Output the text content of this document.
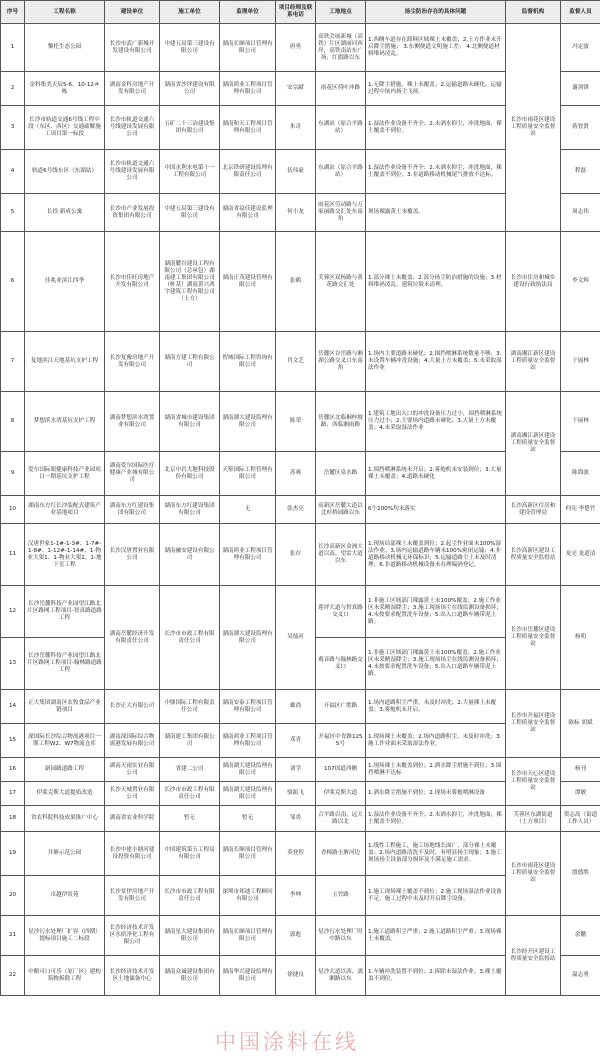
序号	工程名称	建设单位	施工单位	监理单位	项目经理及联系电话	工地地点	扬尘防治存在的具体问题	监督机构	监督人员
1	黎托生态公园	长沙市武广新城开发建设有限公司	中建五局第三建设有限公司	湖南长顺项目管理有限公司	唐勇	高铁会展新城（高铁）片区湖丽河西岸，高铁南站东广场，红旗路以东	1.西侧车道存在卸料区域裸土未覆盖；2.土方作业未开启降尘措施； 3.东侧便道文明施工差； 4.北侧便道材料堆码凌乱。	长沙市雨花区建设工程质量安全监督站	冯定波
2	金科集美天辰5-6、10-12＃栋	湖南金科房地产开发有限公司	湖南省沙坪建设有限公司	湖南鸿业工程项目管理有限公司	安宗献	雨花区荷叶冲路	1.无降尘措施，裸土未覆盖；2.运输道路未硬化，运输过程中场内扬尘飞扬。		谢剑锋
3	长沙市轨道交通6号线工程中段（东区、西区）交通疏解施工项目第一标段	长沙市轨道交通六号线建设发展有限公司	五矿二十三冶建设集团有限公司	湖南和天工程项目管理有限公司	朱奇	东湖站（原合平路站）	1.湿法作业设备不齐全；2.未洒水抑尘，冲洗地面，裸土覆盖不到位。		蒋智贤
4	轨道6号线东区（东湖站）	长沙市轨道交通六号线建设发展有限公司	中国水利水电第十一工程有限公司	北京铁研建设监理有限责任公司	伍伟豪	东湖站（原合平路站）	1.湿法作业设备不齐全；2.未洒水抑尘，冲洗地面，裸土覆盖不到位；3.非道路移动机械尾气排放不达标。		程磊
5	长投·新成公寓	长沙市产业发展投资集团有限公司	中建五局第三建设有限公司	湖南省益佳建设监理有限公司	何小龙	雨花区劳动路与万家丽路交汇处东南角	现场裸露黄土未覆盖。		周志伟
6	佳兆业滨江四季	长沙市佳旺房地产开发有限公司	湖南麓谷建设工程有限公司（总承包）湖南建工集团有限公司（桩基）湖南黄兴鸿宇建筑工程有限公司（土方）	湖南正茂建设管理有限公司	张鹤	芙蓉区双杨路与黄花路交汇处	1.部分裸土未覆盖；2.部分扬尘防治措施的设施；3.材料堆码凌乱、建筑垃圾未清理。	长沙市住房和城乡建设行政执法局	李文辉
7	复地滨江天地基坑支护工程	长沙复豫房地产开发有限公司	湖南方建工程有限公司	智城国际工程咨询有限公司	肖文艺	岳麓区谷岳路与湘湖公路交叉口东南角	1.场内主要道路未硬化；2.围挡喷淋系统数量不够；3.未设置车辆冲洗设施；4.大量土方未覆盖；5.未采取湿法作业	湖南湘江新区建设工程质量安全监督站	于展林
8	梦想滨水湾基坑支护工程	湖南梦想滨水湾置业有限公司	湖南省城市建设集团有限公司	湖南湖大建设监理有限公司	陈荣	岳麓区北临桐梓坡路，西临湘雨路	1.建筑工地出入口的冲洗设备压力过小，围挡喷淋系统压力过小；2.主要场内道路未硬化；3.大量土方未覆盖；4.未采取湿法作业	湖南湘江新区建设工程质量安全监督站	于展林
9	爱尔国际眼健康科技产业园项目一期基坑支护工程	湖南爱尔国际医疗健康产业城有限公司	北京中岩大地科技股份有限公司	天鉴国际工程管理有限公司	苏赛	岳麓区泉水路	1.围挡喷淋系统未开启；2.雾炮机未安装到位；3.大量裸土未覆盖；4.道路未硬化		陈海波
10	湖南东方红长沙装配式建筑产业基地项目	湖南东方红建设集团有限公司	湖南东方红建设集团有限公司	无	张杰亮	高新区岳麓大道以北杉桥园路以东	6个100%均未落实	长沙高新区住房和建设管理局	何宪 李楚竹
11	汉唐世家1-1#-1-3#、1-7#-1-8#、1-12#-1-14#、1-物业大架1、1-物业大架2、1-地下室工程	长沙汉唐置业有限公司	湖南融安建设有限公司	湖南鸿业工程项目管理有限公司	张存	长沙高新区金洲大道以南、望雷大道以东	1.现场局部裸土未覆盖到位；2.起尘作业面未100%湿法作业；3.场内运输道路车辆未100%密闭运输；4.非道路移动机械无环保标识；5.运输道路尘土未及时清理；6.非道路移动机械设备未办理编码登记。	长沙高新区建设工程质量安全监督站	龙亮 龙道清
12	长沙岳麓科技产业园望江路北片区路网工程项目-智真路道路工程	湖南岳麓经济开发有限责任公司	长沙市市政工程有限责任公司	湖南湖大建设监理有限公司	吴灿河	莲坪大道与智真路交叉口	1.非施工区域部门裸露黄土未100%覆盖；2.施工作业区未采精湿降尘；3.施工现场场尘在线监测设备损坏；4.未按要求配置洗车设备；5.出入口道路车辆带泥上路。	长沙市岳麓区建设工程质量安全监督站	杨明
13	长沙岳麓科技产业园望江路北片区路网工程项目-翰林路道路工程					观音路与翰林路交叉口	1.非施工区域部门裸露黄土未100%覆盖；2.施工作业区未采精湿降尘；3.施工现场场尘在线监测设备损坏；4.未按要求配置洗车设备；5.出入口道路车辆带泥上路。		
14	正大集团湖南区农牧食品产业链项目	长沙正大有限公司	中鼎国际工程有限责任公司	湖南安泰工程项目管理有限公司	雄尚	开福区广胜路	1.场内道路积尘严重，未及时冲洗；2.大量裸土未覆盖；3.雾炮机未开启。	长沙市开福区建设工程质量安全监督站	陈标 胡斌
15	深国际长沙综合物流港项目一期工程W2、W7物流仓库	湖南深国际综合物流港发展有限公司	湖南建工集团有限公司	湖南鸿业工程项目管理有限公司	邓青	开福区中青路1255号	1.现场裸土未覆盖；2.场内道路积尘，未及时冲洗；3.施工作业面未采取湿法作业。		
16	新园路道路工程	湖南天雨实业有限公司	省建二公司	湖南湖大建设监理有限公司	刘学	107国道西侧	1.现场裸土未覆盖到位；2.洒水降尘措施不到位；3.围挡喷淋不达标	长沙市天心区建设工程质量安全监督站	杨刊
17	伊莱克斯大道提质改造	长沙天城置业有限公司	长沙市市政工程有限责任公司	湖南湖大建设监理有限公司	骆振飞	伊莱克斯大道	1.洒水降尘措施不到位；2.现场未雾炮喷淋设备		谭敏
18	省农科院科技成果推广中心	湖南省农业科学院	暂无	暂无	邹炎	合平路以南、远大路以北	1.湿法作业设备不齐全；2.未洒水抑尘，冲洗地面，裸土覆盖不到位。	芙蓉区东湖街道（土方项目）	贺志高（街道工作人员）
19	井塘示范公园	长沙中建圭塘河建设投资有限公司	中国建筑第五工程局有限公司	湖南长顺项目管理有限公司	莫登智	香樟路圭塘河边	1.线性工程施工，施工场地线长面广，部分裸土未覆盖；2.场内道路清洗不及时，有明显扬尘现象；3.施工现场扬尘设备部分损坏及不满足施工需求。	长沙市雨花区建设工程质量安全监督站	殷德胜
20	卓越伊景苑	长沙景伊房地产开发有限公司	长沙市市政工程有限责任公司	深圳市邦迪工程顾问有限公司	李坤	玉竹路	1.施工现场裸土覆盖不到位；2.施工现场湿法作业设备不足，施工过程中未及时开启降尘设备。		
21	星沙污水处理厂扩容（四期）提标项目施工二标段	长沙经济技术开发区水质净化工程有限公司	湖南星大建设集团有限公司	湖南长顺项目管理有限公司	郭彪	星沙污水处理厂时中路以东	1.施工道路积尘严重；2.施工道路积尘严重；3.现场裸土未覆盖。	长沙经开区建设工程质量安全监督站	余鹏
22	中粮可口可乐（原厂区）建构筑物拆除工程	长沙经济技术开发区土地储备中心	湖南众诚建设集团有限公司	湖南华兴建设监理有限公司	徐捷良	星沙大道以西、漓湘路以东	1.车辆冲洗装置不到位；2.拆除未湿法作业；3.裸土覆盖不到位。		温志勇
中国涂料在线
